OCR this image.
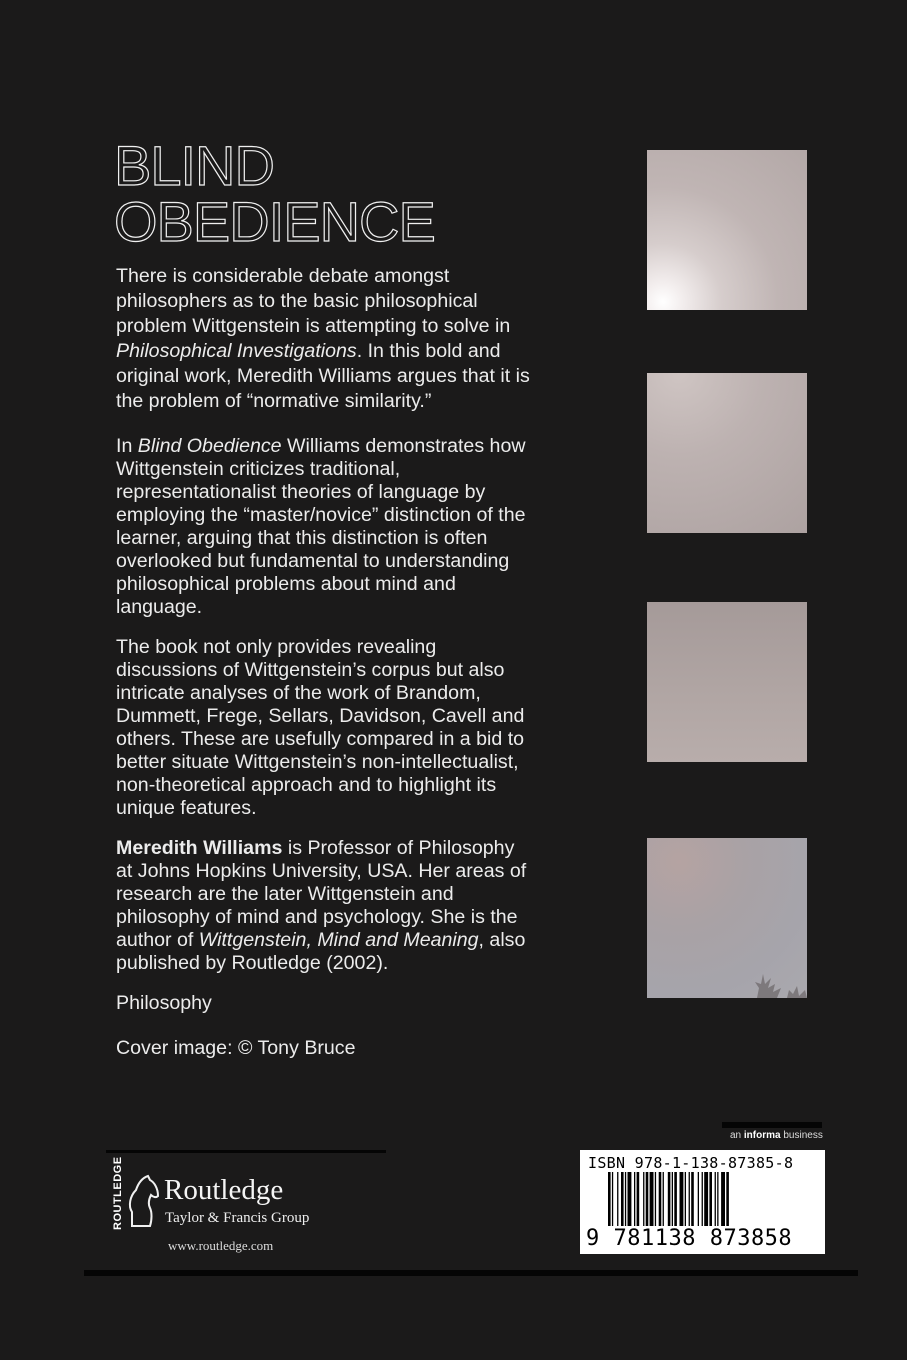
BLIND
OBEDIENCE

There is considerable debate amongst philosophers as to the basic philosophical problem Wittgenstein is attempting to solve in Philosophical Investigations. In this bold and original work, Meredith Williams argues that it is the problem of “normative similarity.”

In Blind Obedience Williams demonstrates how Wittgenstein criticizes traditional, representationalist theories of language by employing the “master/novice” distinction of the learner, arguing that this distinction is often overlooked but fundamental to understanding philosophical problems about mind and language.

The book not only provides revealing discussions of Wittgenstein’s corpus but also intricate analyses of the work of Brandom, Dummett, Frege, Sellars, Davidson, Cavell and others. These are usefully compared in a bid to better situate Wittgenstein’s non-intellectualist, non-theoretical approach and to highlight its unique features.

Meredith Williams is Professor of Philosophy at Johns Hopkins University, USA. Her areas of research are the later Wittgenstein and philosophy of mind and psychology. She is the author of Wittgenstein, Mind and Meaning, also published by Routledge (2002).

Philosophy

Cover image: © Tony Bruce

ROUTLEDGE Routledge
Taylor & Francis Group
www.routledge.com
an informa business
ISBN 978-1-138-87385-8
9 781138 873858
